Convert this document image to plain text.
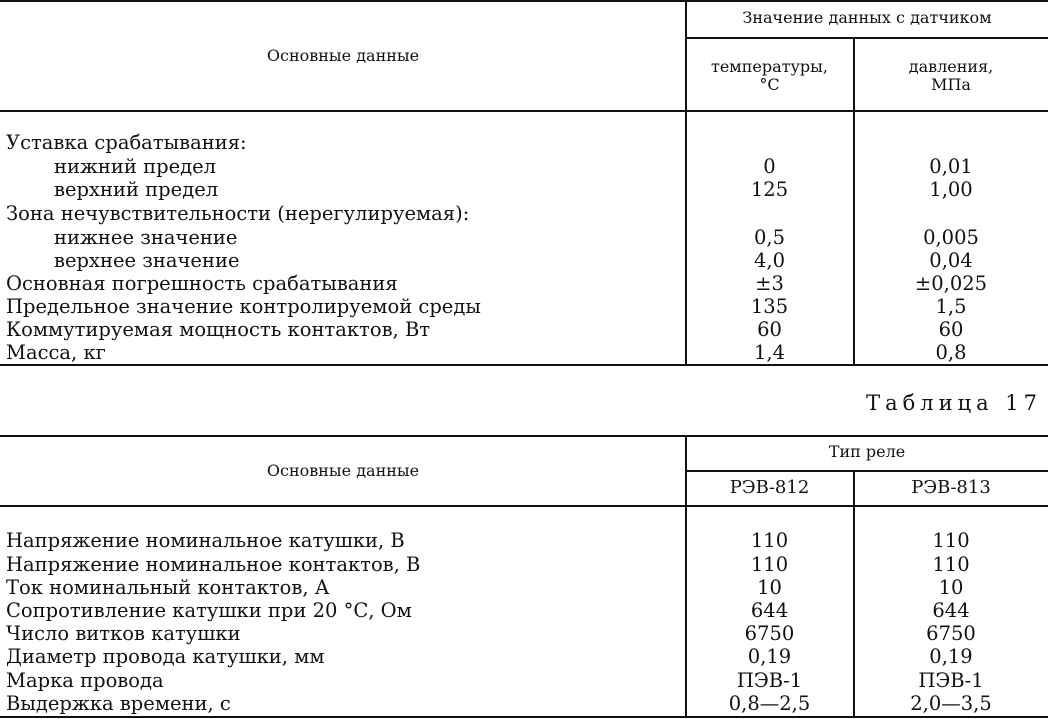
Основные данные
Значение данных с датчиком
температуры,
°С
давления,
МПа
Уставка срабатывания:
нижний предел	0	0,01
верхний предел	125	1,00
Зона нечувствительности (нерегулируемая):
нижнее значение	0,5	0,005
верхнее значение	4,0	0,04
Основная погрешность срабатывания	±3	±0,025
Предельное значение контролируемой среды	135	1,5
Коммутируемая мощность контактов, Вт	60	60
Масса, кг	1,4	0,8
Таблица 17
Основные данные
Тип реле
РЭВ-812	РЭВ-813
Напряжение номинальное катушки, В	110	110
Напряжение номинальное контактов, В	110	110
Ток номинальный контактов, А	10	10
Сопротивление катушки при 20 °С, Ом	644	644
Число витков катушки	6750	6750
Диаметр провода катушки, мм	0,19	0,19
Марка провода	ПЭВ-1	ПЭВ-1
Выдержка времени, с	0,8—2,5	2,0—3,5
